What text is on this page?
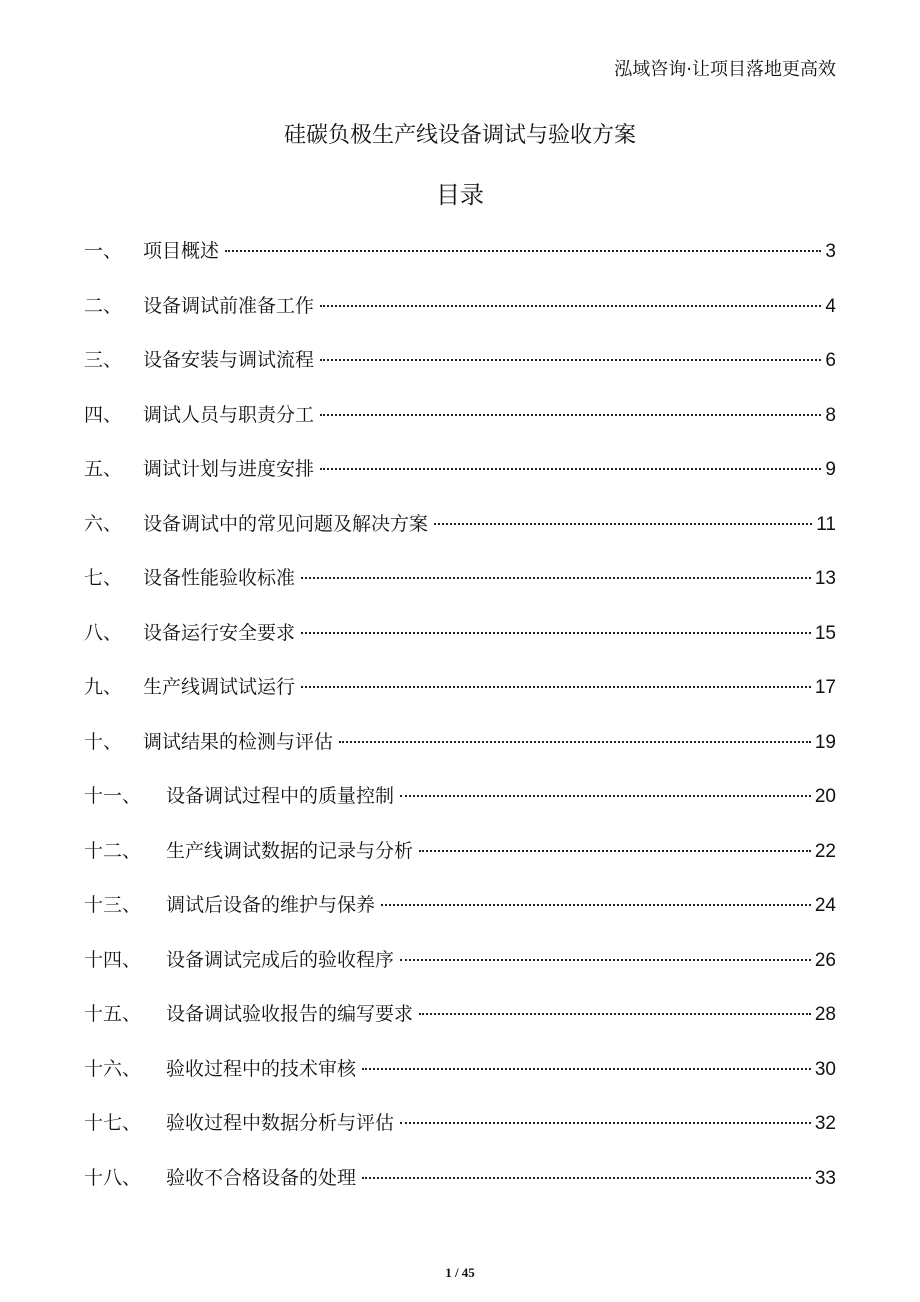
泓域咨询·让项目落地更高效
硅碳负极生产线设备调试与验收方案
目录
一、	项目概述	3
二、	设备调试前准备工作	4
三、	设备安装与调试流程	6
四、	调试人员与职责分工	8
五、	调试计划与进度安排	9
六、	设备调试中的常见问题及解决方案	11
七、	设备性能验收标准	13
八、	设备运行安全要求	15
九、	生产线调试试运行	17
十、	调试结果的检测与评估	19
十一、	设备调试过程中的质量控制	20
十二、	生产线调试数据的记录与分析	22
十三、	调试后设备的维护与保养	24
十四、	设备调试完成后的验收程序	26
十五、	设备调试验收报告的编写要求	28
十六、	验收过程中的技术审核	30
十七、	验收过程中数据分析与评估	32
十八、	验收不合格设备的处理	33
1 / 45
